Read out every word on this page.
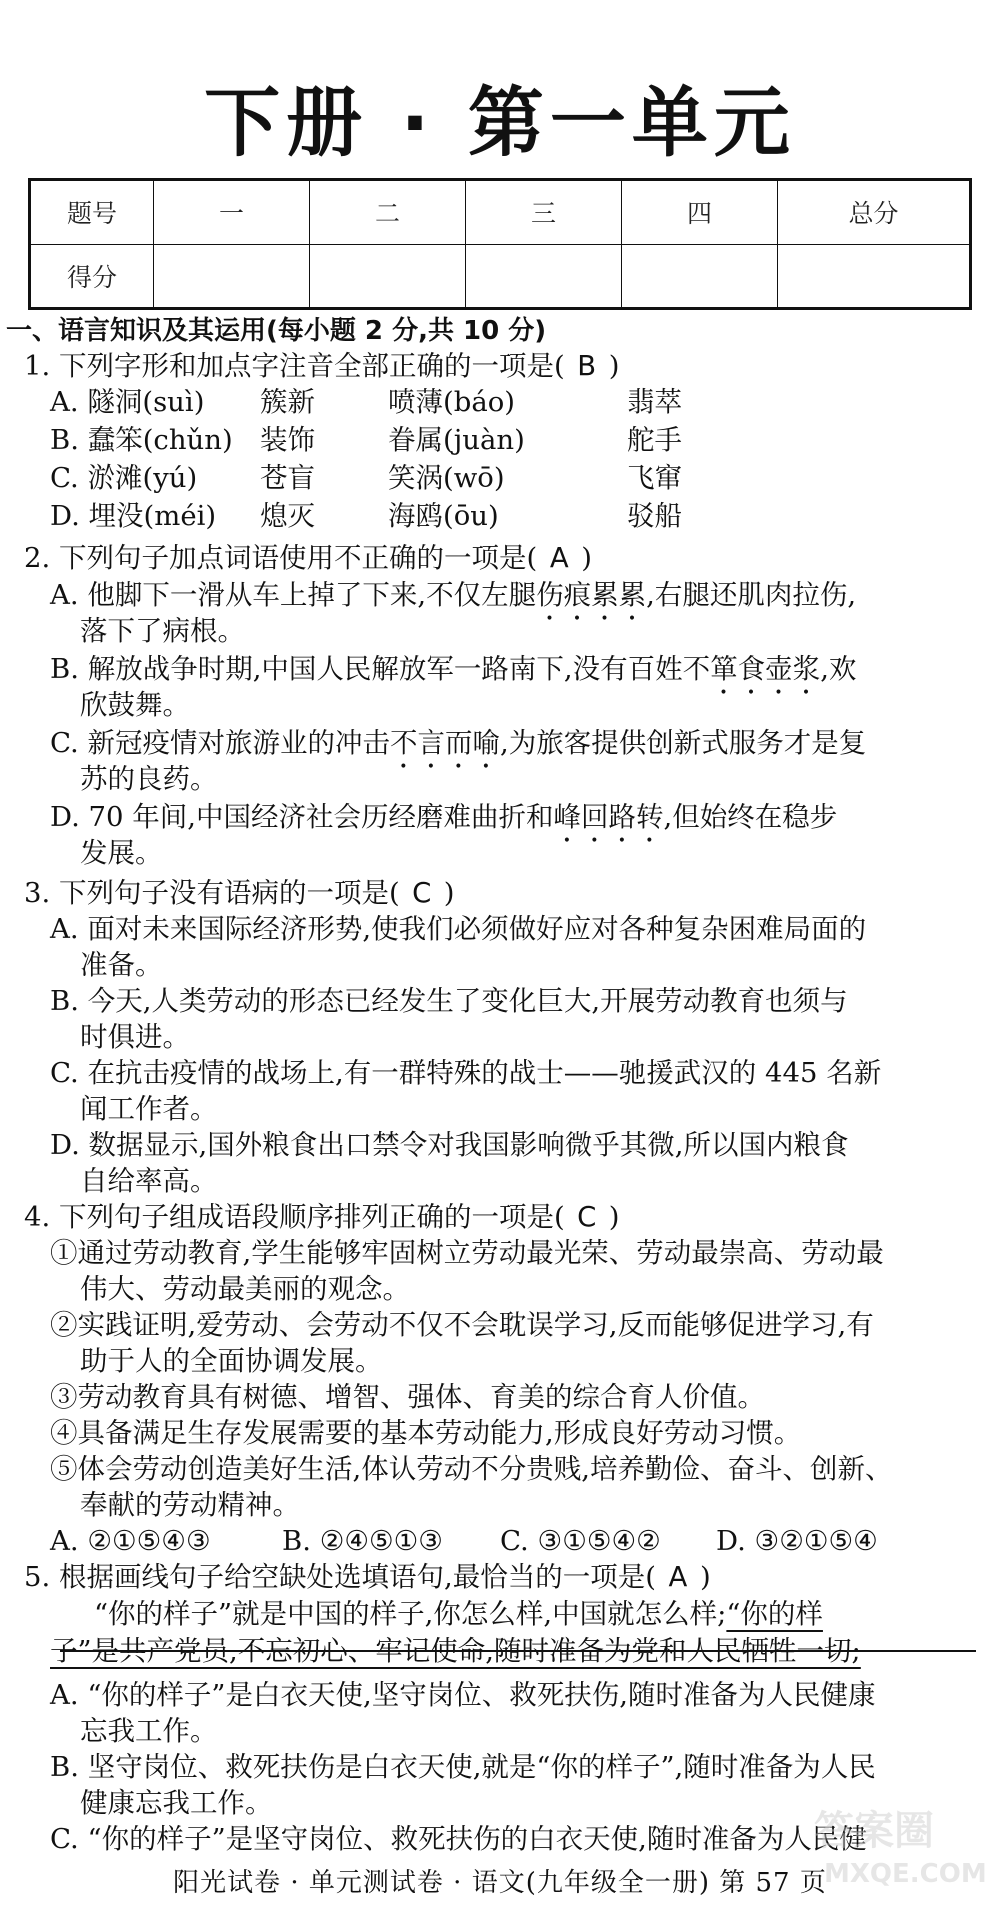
下册 · 第一单元
题号	一	二	三	四	总分
得分					
一、语言知识及其运用(每小题 2 分,共 10 分)
1. 下列字形和加点字注音全部正确的一项是( B )
A. 隧洞(suì) 簇新	喷薄(báo)	翡萃
B. 蠢笨(chǔn) 装饰	眷属(juàn)	舵手
C. 淤滩(yú) 苍盲	笑涡(wō)	飞窜
D. 埋没(méi) 熄灭	海鸥(ōu)	驳船
2. 下列句子加点词语使用不正确的一项是( A )
A. 他脚下一滑从车上掉了下来,不仅左腿伤痕累累,右腿还肌肉拉伤,
落下了病根。
B. 解放战争时期,中国人民解放军一路南下,没有百姓不箪食壶浆,欢
欣鼓舞。
C. 新冠疫情对旅游业的冲击不言而喻,为旅客提供创新式服务才是复
苏的良药。
D. 70 年间,中国经济社会历经磨难曲折和峰回路转,但始终在稳步
发展。
3. 下列句子没有语病的一项是( C )
A. 面对未来国际经济形势,使我们必须做好应对各种复杂困难局面的
准备。
B. 今天,人类劳动的形态已经发生了变化巨大,开展劳动教育也须与
时俱进。
C. 在抗击疫情的战场上,有一群特殊的战士——驰援武汉的 445 名新
闻工作者。
D. 数据显示,国外粮食出口禁令对我国影响微乎其微,所以国内粮食
自给率高。
4. 下列句子组成语段顺序排列正确的一项是( C )
①通过劳动教育,学生能够牢固树立劳动最光荣、劳动最崇高、劳动最
伟大、劳动最美丽的观念。
②实践证明,爱劳动、会劳动不仅不会耽误学习,反而能够促进学习,有
助于人的全面协调发展。
③劳动教育具有树德、增智、强体、育美的综合育人价值。
④具备满足生存发展需要的基本劳动能力,形成良好劳动习惯。
⑤体会劳动创造美好生活,体认劳动不分贵贱,培养勤俭、奋斗、创新、
奉献的劳动精神。
A. ②①⑤④③	B. ②④⑤①③ C. ③①⑤④② D. ③②①⑤④
5. 根据画线句子给空缺处选填语句,最恰当的一项是( A )
“你的样子”就是中国的样子,你怎么样,中国就怎么样;“你的样
子”是共产党员,不忘初心、牢记使命,随时准备为党和人民牺牲一切;
A. “你的样子”是白衣天使,坚守岗位、救死扶伤,随时准备为人民健康
忘我工作。
B. 坚守岗位、救死扶伤是白衣天使,就是“你的样子”,随时准备为人民
健康忘我工作。
C. “你的样子”是坚守岗位、救死扶伤的白衣天使,随时准备为人民健
阳光试卷 · 单元测试卷 · 语文(九年级全一册) 第 57 页
答案圈
MXQE.COM
